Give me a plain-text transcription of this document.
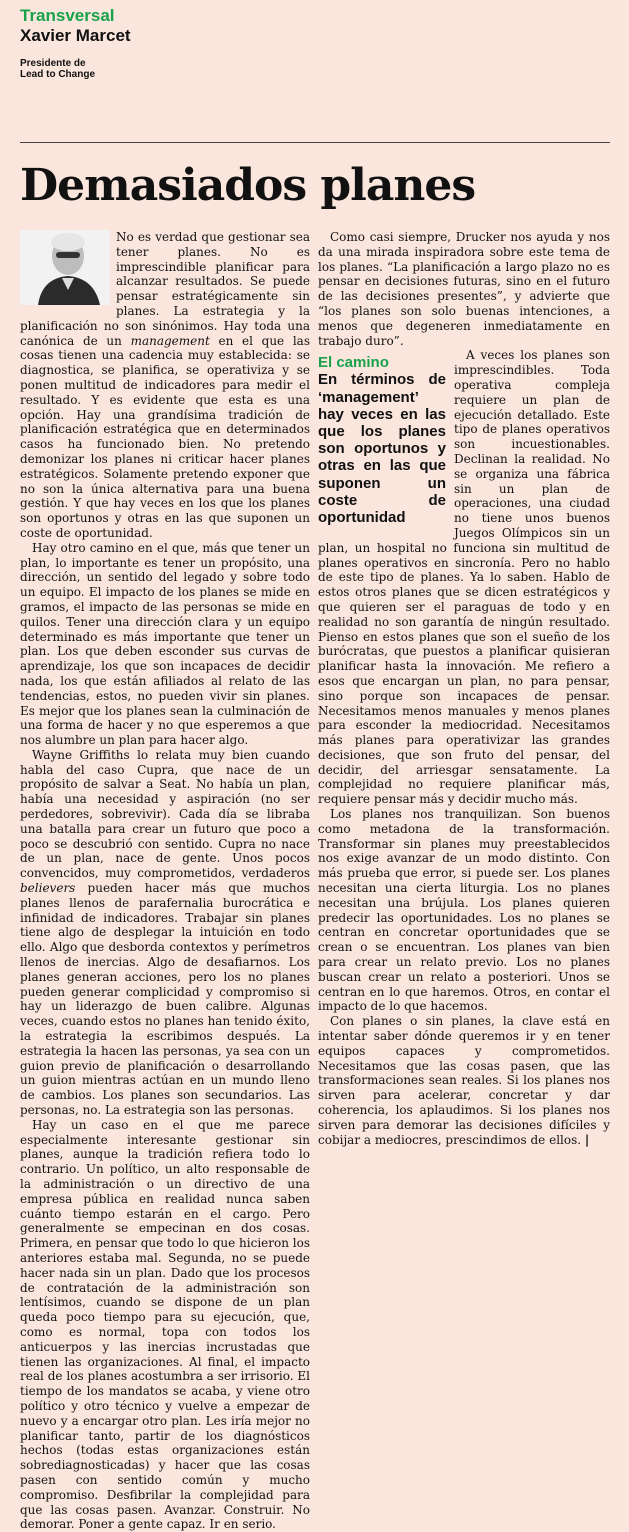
Transversal
Xavier Marcet
Presidente de
Lead to Change
Demasiados planes

No es verdad que gestionar sea tener planes. No es imprescindible planificar para alcanzar resultados. Se puede pensar estratégicamente sin planes. La estrategia y la planificación no son sinónimos. Hay toda una canónica de un management en el que las cosas tienen una cadencia muy establecida: se diagnostica, se planifica, se operativiza y se ponen multitud de indicadores para medir el resultado. Y es evidente que esta es una opción. Hay una grandísima tradición de planificación estratégica que en determinados casos ha funcionado bien. No pretendo demonizar los planes ni criticar hacer planes estratégicos. Solamente pretendo exponer que no son la única alternativa para una buena gestión. Y que hay veces en los que los planes son oportunos y otras en las que suponen un coste de oportunidad.

Hay otro camino en el que, más que tener un plan, lo importante es tener un propósito, una dirección, un sentido del legado y sobre todo un equipo. El impacto de los planes se mide en gramos, el impacto de las personas se mide en quilos. Tener una dirección clara y un equipo determinado es más importante que tener un plan. Los que deben esconder sus curvas de aprendizaje, los que son incapaces de decidir nada, los que están afiliados al relato de las tendencias, estos, no pueden vivir sin planes. Es mejor que los planes sean la culminación de una forma de hacer y no que esperemos a que nos alumbre un plan para hacer algo.

Wayne Griffiths lo relata muy bien cuando habla del caso Cupra, que nace de un propósito de salvar a Seat. No había un plan, había una necesidad y aspiración (no ser perdedores, sobrevivir). Cada día se libraba una batalla para crear un futuro que poco a poco se descubrió con sentido. Cupra no nace de un plan, nace de gente. Unos pocos convencidos, muy comprometidos, verdaderos believers pueden hacer más que muchos planes llenos de parafernalia burocrática e infinidad de indicadores. Trabajar sin planes tiene algo de desplegar la intuición en todo ello. Algo que desborda contextos y perímetros llenos de inercias. Algo de desafiarnos. Los planes generan acciones, pero los no planes pueden generar complicidad y compromiso si hay un liderazgo de buen calibre. Algunas veces, cuando estos no planes han tenido éxito, la estrategia la escribimos después. La estrategia la hacen las personas, ya sea con un guion previo de planificación o desarrollando un guion mientras actúan en un mundo lleno de cambios. Los planes son secundarios. Las personas, no. La estrategia son las personas.

Hay un caso en el que me parece especialmente interesante gestionar sin planes, aunque la tradición refiera todo lo contrario. Un político, un alto responsable de la administración o un directivo de una empresa pública en realidad nunca saben cuánto tiempo estarán en el cargo. Pero generalmente se empecinan en dos cosas. Primera, en pensar que todo lo que hicieron los anteriores estaba mal. Segunda, no se puede hacer nada sin un plan. Dado que los procesos de contratación de la administración son lentísimos, cuando se dispone de un plan queda poco tiempo para su ejecución, que, como es normal, topa con todos los anticuerpos y las inercias incrustadas que tienen las organizaciones. Al final, el impacto real de los planes acostumbra a ser irrisorio. El tiempo de los mandatos se acaba, y viene otro político y otro técnico y vuelve a empezar de nuevo y a encargar otro plan. Les iría mejor no planificar tanto, partir de los diagnósticos hechos (todas estas organizaciones están sobrediagnosticadas) y hacer que las cosas pasen con sentido común y mucho compromiso. Desfibrilar la complejidad para que las cosas pasen. Avanzar. Construir. No demorar. Poner a gente capaz. Ir en serio.

Como casi siempre, Drucker nos ayuda y nos da una mirada inspiradora sobre este tema de los planes. “La planificación a largo plazo no es pensar en decisiones futuras, sino en el futuro de las decisiones presentes”, y advierte que “los planes son solo buenas intenciones, a menos que degeneren inmediatamente en trabajo duro”.

El camino
En términos de ‘management’ hay veces en las que los planes son oportunos y otras en las que suponen un coste de oportunidad

A veces los planes son imprescindibles. Toda operativa compleja requiere un plan de ejecución detallado. Este tipo de planes operativos son incuestionables. Declinan la realidad. No se organiza una fábrica sin un plan de operaciones, una ciudad no tiene unos buenos Juegos Olímpicos sin un plan, un hospital no funciona sin multitud de planes operativos en sincronía. Pero no hablo de este tipo de planes. Ya lo saben. Hablo de estos otros planes que se dicen estratégicos y que quieren ser el paraguas de todo y en realidad no son garantía de ningún resultado. Pienso en estos planes que son el sueño de los burócratas, que puestos a planificar quisieran planificar hasta la innovación. Me refiero a esos que encargan un plan, no para pensar, sino porque son incapaces de pensar. Necesitamos menos manuales y menos planes para esconder la mediocridad. Necesitamos más planes para operativizar las grandes decisiones, que son fruto del pensar, del decidir, del arriesgar sensatamente. La complejidad no requiere planificar más, requiere pensar más y decidir mucho más.

Los planes nos tranquilizan. Son buenos como metadona de la transformación. Transformar sin planes muy preestablecidos nos exige avanzar de un modo distinto. Con más prueba que error, si puede ser. Los planes necesitan una cierta liturgia. Los no planes necesitan una brújula. Los planes quieren predecir las oportunidades. Los no planes se centran en concretar oportunidades que se crean o se encuentran. Los planes van bien para crear un relato previo. Los no planes buscan crear un relato a posteriori. Unos se centran en lo que haremos. Otros, en contar el impacto de lo que hacemos.

Con planes o sin planes, la clave está en intentar saber dónde queremos ir y en tener equipos capaces y comprometidos. Necesitamos que las cosas pasen, que las transformaciones sean reales. Si los planes nos sirven para acelerar, concretar y dar coherencia, los aplaudimos. Si los planes nos sirven para demorar las decisiones difíciles y cobijar a mediocres, prescindimos de ellos. |
